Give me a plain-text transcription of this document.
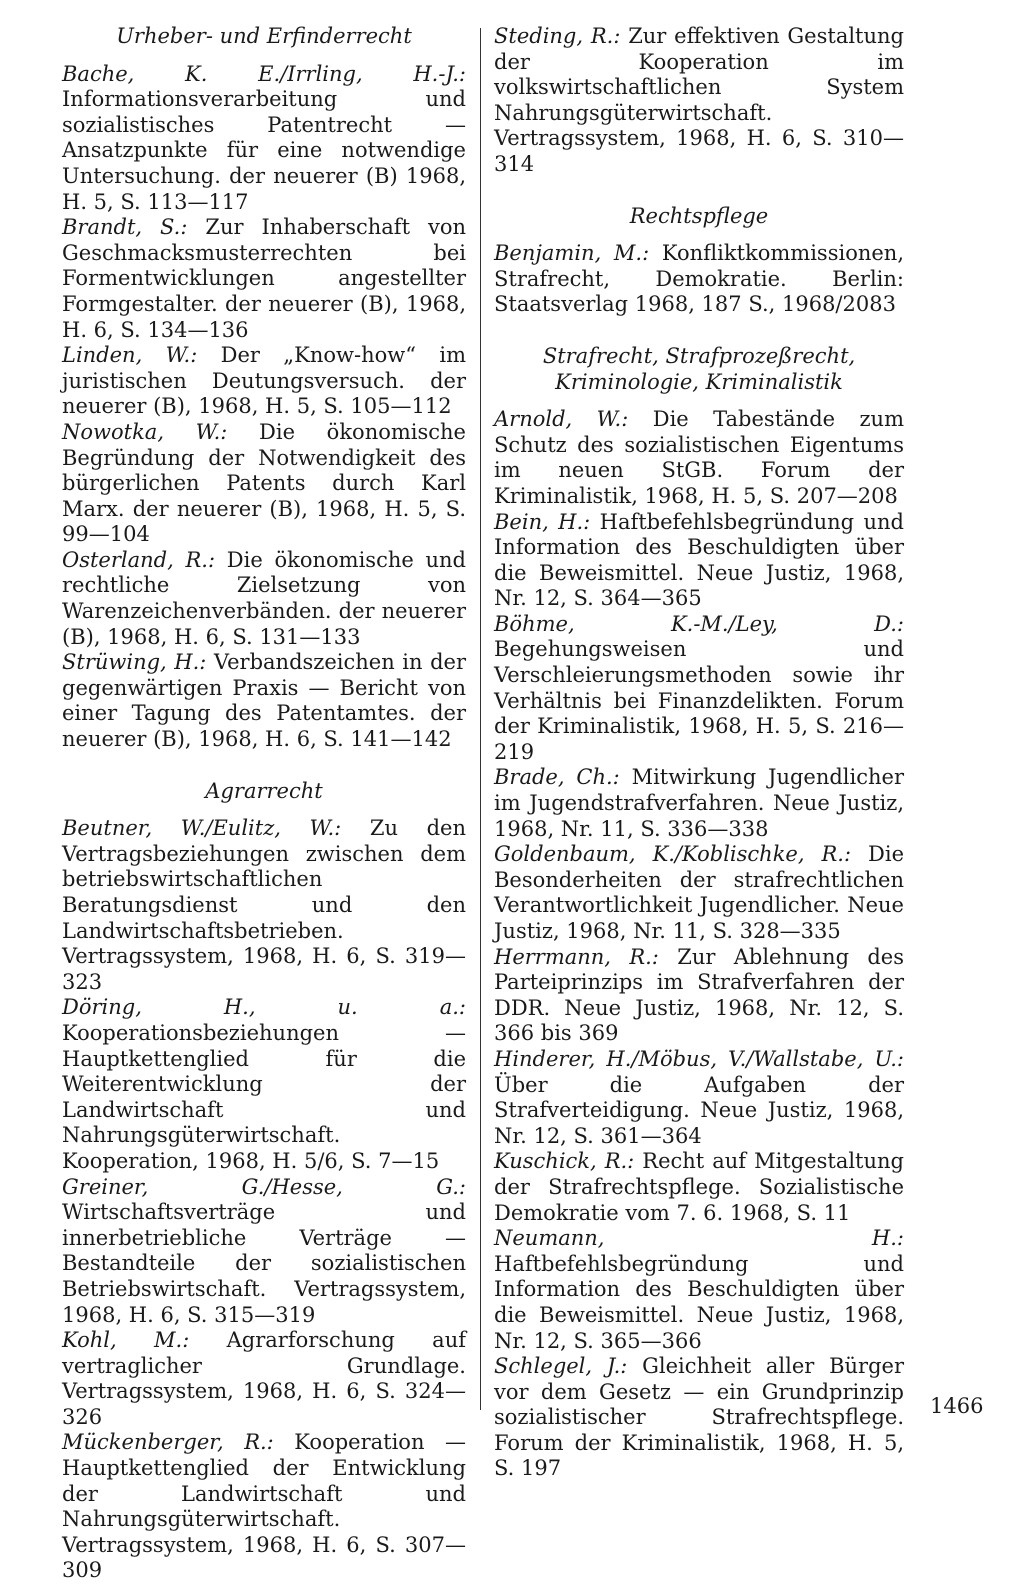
Urheber- und Erfinderrecht

Bache, K. E./Irrling, H.-J.: Informationsverarbeitung und sozialistisches Patentrecht — Ansatzpunkte für eine notwendige Untersuchung. der neuerer (B) 1968, H. 5, S. 113—117

Brandt, S.: Zur Inhaberschaft von Geschmacksmusterrechten bei Formentwicklungen angestellter Formgestalter. der neuerer (B), 1968, H. 6, S. 134—136

Linden, W.: Der „Know-how“ im juristischen Deutungsversuch. der neuerer (B), 1968, H. 5, S. 105—112

Nowotka, W.: Die ökonomische Begründung der Notwendigkeit des bürgerlichen Patents durch Karl Marx. der neuerer (B), 1968, H. 5, S. 99—104

Osterland, R.: Die ökonomische und rechtliche Zielsetzung von Warenzeichenverbänden. der neuerer (B), 1968, H. 6, S. 131—133

Strüwing, H.: Verbandszeichen in der gegenwärtigen Praxis — Bericht von einer Tagung des Patentamtes. der neuerer (B), 1968, H. 6, S. 141—142

Agrarrecht

Beutner, W./Eulitz, W.: Zu den Vertragsbeziehungen zwischen dem betriebswirtschaftlichen Beratungsdienst und den Landwirtschaftsbetrieben. Vertragssystem, 1968, H. 6, S. 319—323

Döring, H., u. a.: Kooperationsbeziehungen — Hauptkettenglied für die Weiterentwicklung der Landwirtschaft und Nahrungsgüterwirtschaft. Kooperation, 1968, H. 5/6, S. 7—15

Greiner, G./Hesse, G.: Wirtschaftsverträge und innerbetriebliche Verträge — Bestandteile der sozialistischen Betriebswirtschaft. Vertragssystem, 1968, H. 6, S. 315—319

Kohl, M.: Agrarforschung auf vertraglicher Grundlage. Vertragssystem, 1968, H. 6, S. 324—326

Mückenberger, R.: Kooperation — Hauptkettenglied der Entwicklung der Landwirtschaft und Nahrungsgüterwirtschaft. Vertragssystem, 1968, H. 6, S. 307—309

Steding, R.: Zur effektiven Gestaltung der Kooperation im volkswirtschaftlichen System Nahrungsgüterwirtschaft. Vertragssystem, 1968, H. 6, S. 310—314

Rechtspflege

Benjamin, M.: Konfliktkommissionen, Strafrecht, Demokratie. Berlin: Staatsverlag 1968, 187 S., 1968/2083

Strafrecht, Strafprozeßrecht, Kriminologie, Kriminalistik

Arnold, W.: Die Tabestände zum Schutz des sozialistischen Eigentums im neuen StGB. Forum der Kriminalistik, 1968, H. 5, S. 207—208

Bein, H.: Haftbefehlsbegründung und Information des Beschuldigten über die Beweismittel. Neue Justiz, 1968, Nr. 12, S. 364—365

Böhme, K.-M./Ley, D.: Begehungsweisen und Verschleierungsmethoden sowie ihr Verhältnis bei Finanzdelikten. Forum der Kriminalistik, 1968, H. 5, S. 216—219

Brade, Ch.: Mitwirkung Jugendlicher im Jugendstrafverfahren. Neue Justiz, 1968, Nr. 11, S. 336—338

Goldenbaum, K./Koblischke, R.: Die Besonderheiten der strafrechtlichen Verantwortlichkeit Jugendlicher. Neue Justiz, 1968, Nr. 11, S. 328—335

Herrmann, R.: Zur Ablehnung des Parteiprinzips im Strafverfahren der DDR. Neue Justiz, 1968, Nr. 12, S. 366 bis 369

Hinderer, H./Möbus, V./Wallstabe, U.: Über die Aufgaben der Strafverteidigung. Neue Justiz, 1968, Nr. 12, S. 361—364

Kuschick, R.: Recht auf Mitgestaltung der Strafrechtspflege. Sozialistische Demokratie vom 7. 6. 1968, S. 11

Neumann, H.: Haftbefehlsbegründung und Information des Beschuldigten über die Beweismittel. Neue Justiz, 1968, Nr. 12, S. 365—366

Schlegel, J.: Gleichheit aller Bürger vor dem Gesetz — ein Grundprinzip sozialistischer Strafrechtspflege. Forum der Kriminalistik, 1968, H. 5, S. 197

1466
